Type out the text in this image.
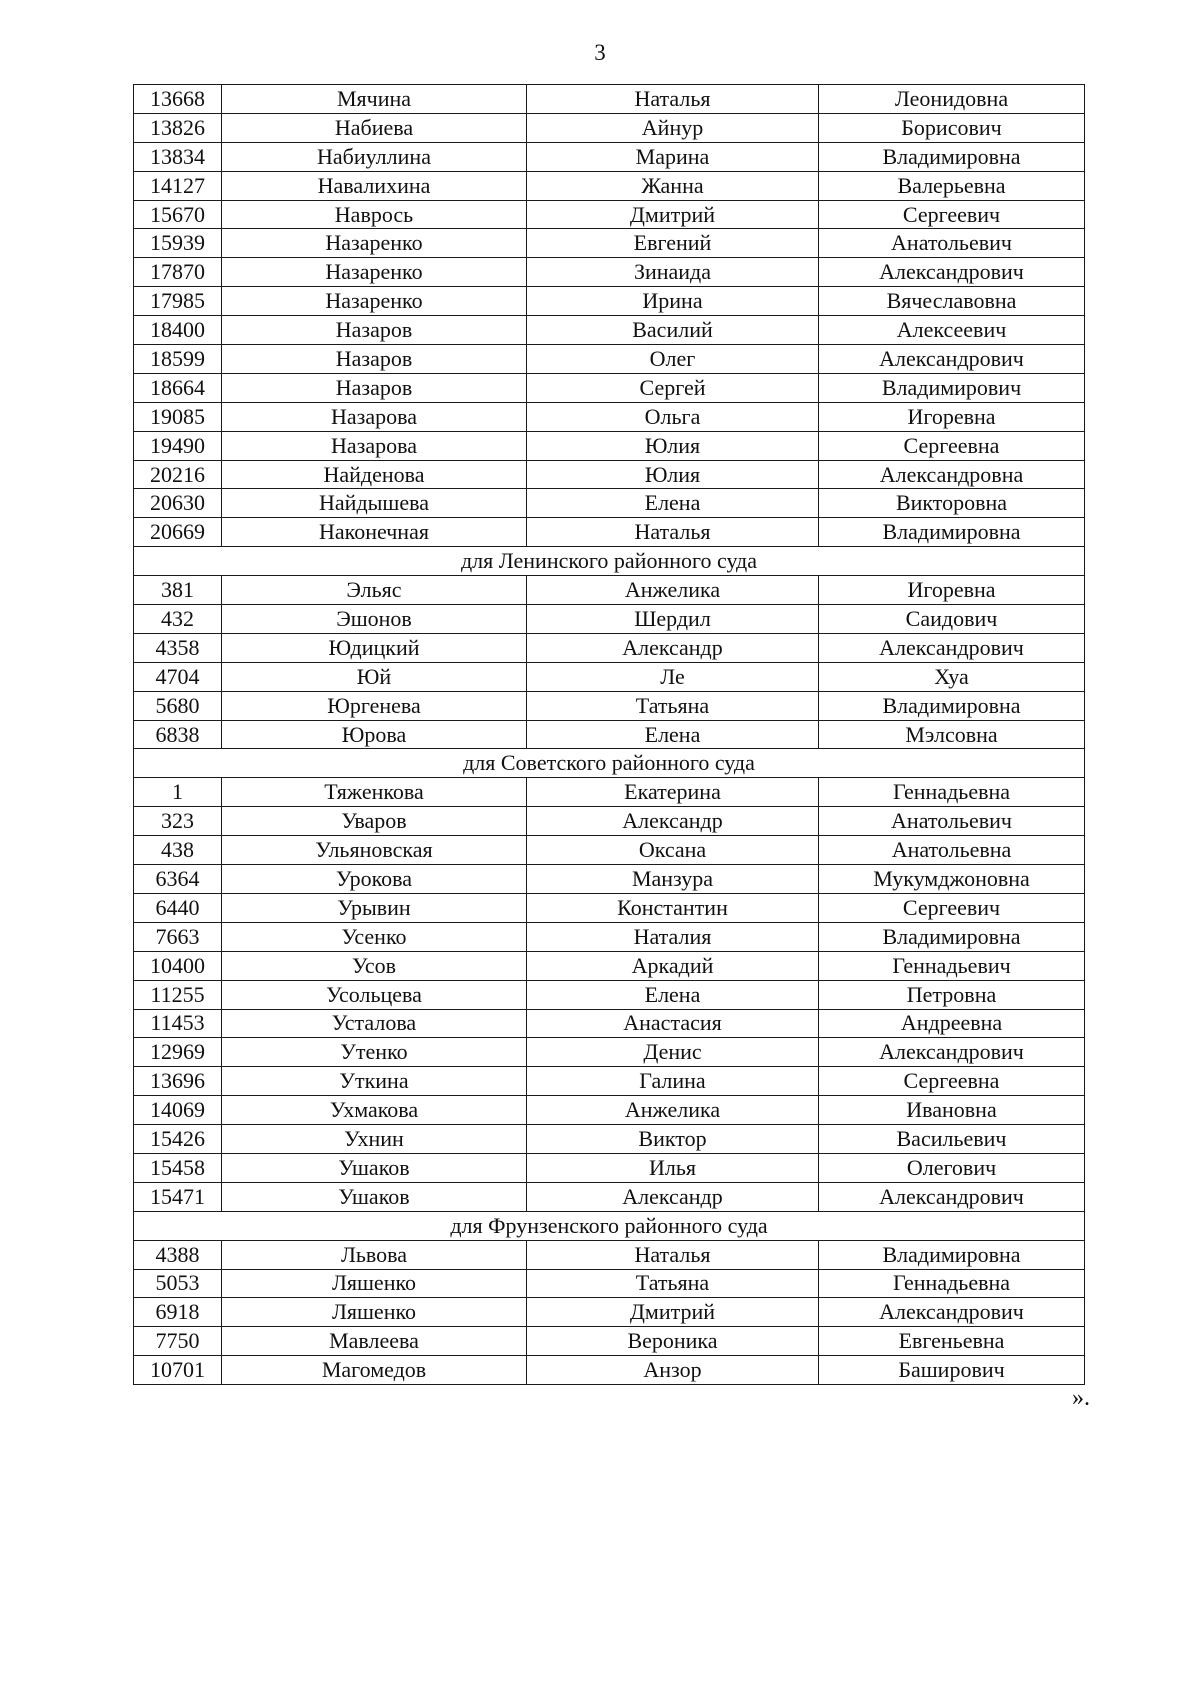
3
13668	Мячина	Наталья	Леонидовна
13826	Набиева	Айнур	Борисович
13834	Набиуллина	Марина	Владимировна
14127	Навалихина	Жанна	Валерьевна
15670	Наврось	Дмитрий	Сергеевич
15939	Назаренко	Евгений	Анатольевич
17870	Назаренко	Зинаида	Александрович
17985	Назаренко	Ирина	Вячеславовна
18400	Назаров	Василий	Алексеевич
18599	Назаров	Олег	Александрович
18664	Назаров	Сергей	Владимирович
19085	Назарова	Ольга	Игоревна
19490	Назарова	Юлия	Сергеевна
20216	Найденова	Юлия	Александровна
20630	Найдышева	Елена	Викторовна
20669	Наконечная	Наталья	Владимировна
для Ленинского районного суда			
381	Эльяс	Анжелика	Игоревна
432	Эшонов	Шердил	Саидович
4358	Юдицкий	Александр	Александрович
4704	Юй	Ле	Хуа
5680	Юргенева	Татьяна	Владимировна
6838	Юрова	Елена	Мэлсовна
для Советского районного суда			
1	Тяженкова	Екатерина	Геннадьевна
323	Уваров	Александр	Анатольевич
438	Ульяновская	Оксана	Анатольевна
6364	Урокова	Манзура	Мукумджоновна
6440	Урывин	Константин	Сергеевич
7663	Усенко	Наталия	Владимировна
10400	Усов	Аркадий	Геннадьевич
11255	Усольцева	Елена	Петровна
11453	Усталова	Анастасия	Андреевна
12969	Утенко	Денис	Александрович
13696	Уткина	Галина	Сергеевна
14069	Ухмакова	Анжелика	Ивановна
15426	Ухнин	Виктор	Васильевич
15458	Ушаков	Илья	Олегович
15471	Ушаков	Александр	Александрович
для Фрунзенского районного суда			
4388	Львова	Наталья	Владимировна
5053	Ляшенко	Татьяна	Геннадьевна
6918	Ляшенко	Дмитрий	Александрович
7750	Мавлеева	Вероника	Евгеньевна
10701	Магомедов	Анзор	Баширович
».
